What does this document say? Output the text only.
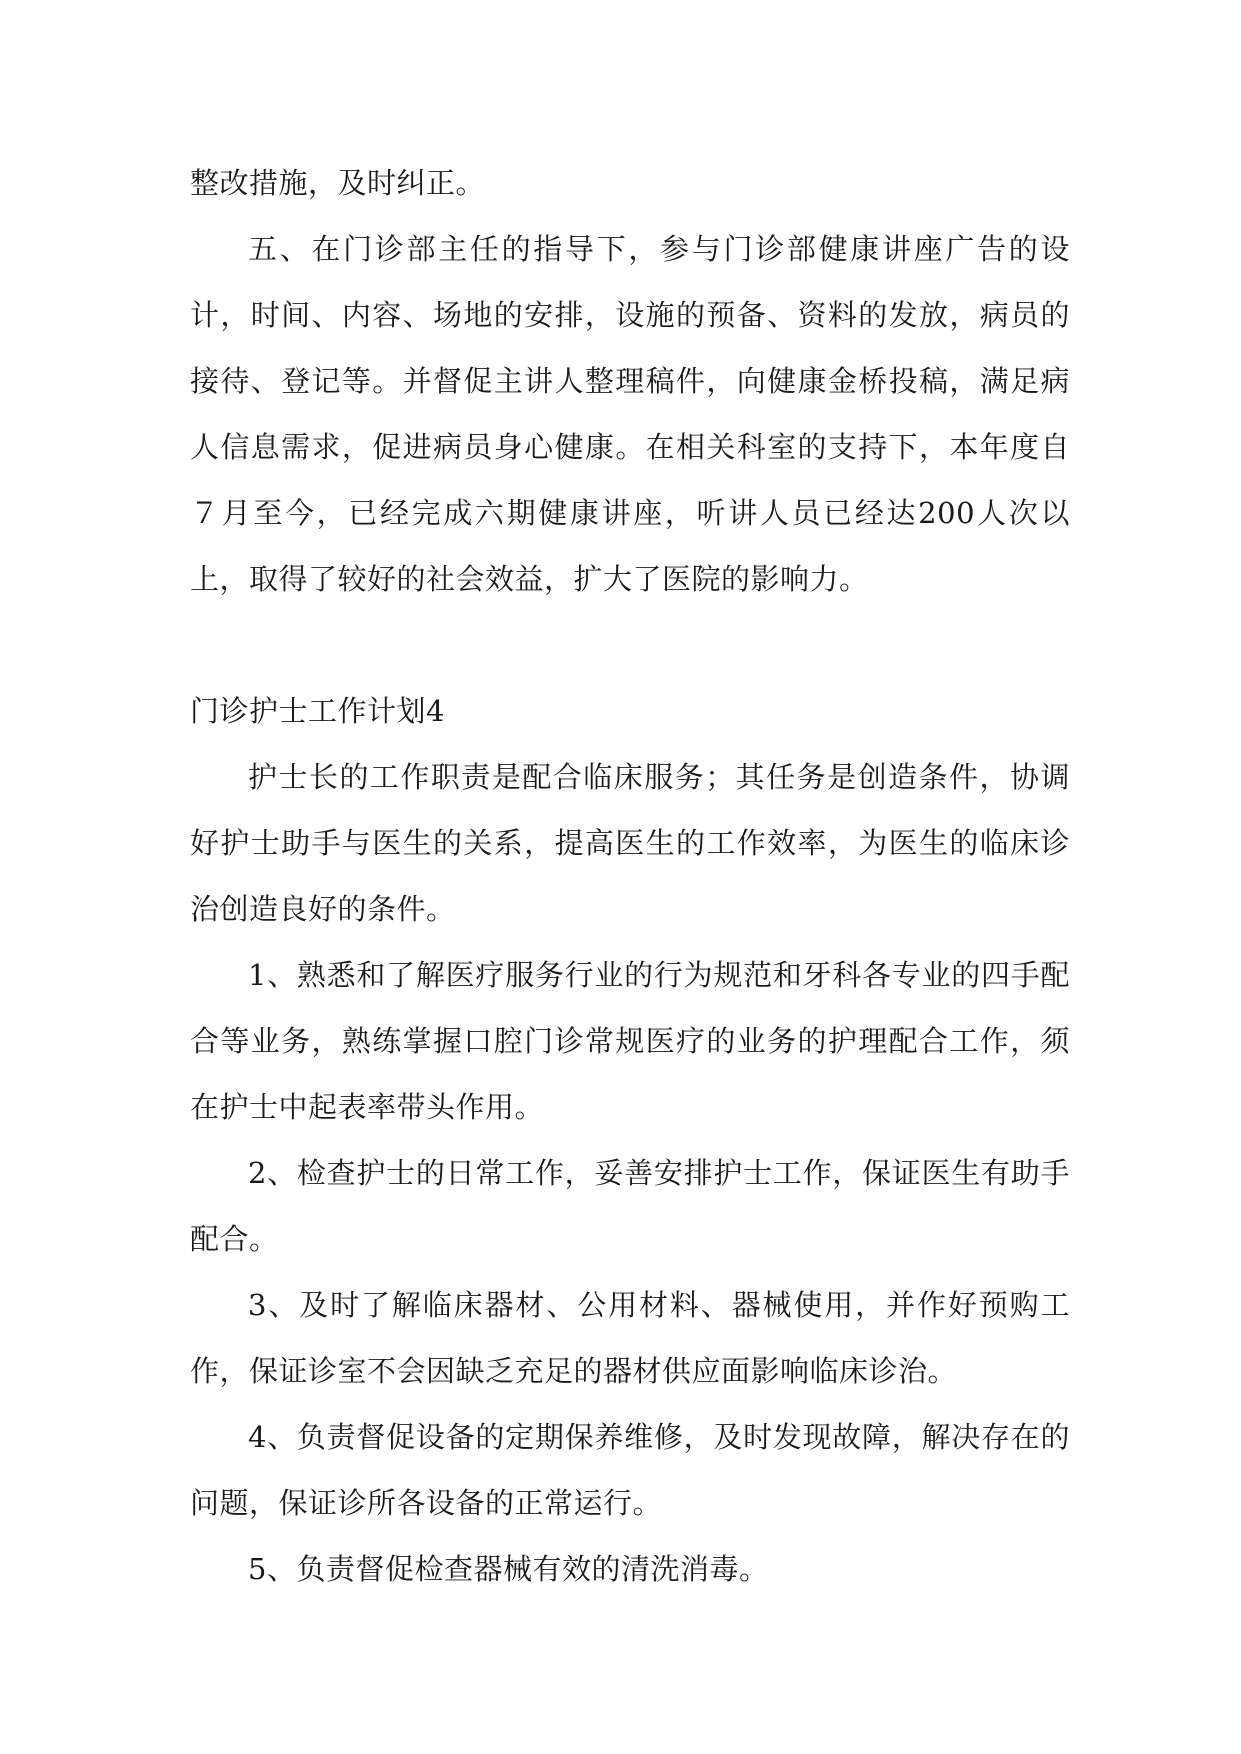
整改措施，及时纠正。

五、在门诊部主任的指导下，参与门诊部健康讲座广告的设计，时间、内容、场地的安排，设施的预备、资料的发放，病员的接待、登记等。并督促主讲人整理稿件，向健康金桥投稿，满足病人信息需求，促进病员身心健康。在相关科室的支持下，本年度自７月至今，已经完成六期健康讲座，听讲人员已经达200人次以上，取得了较好的社会效益，扩大了医院的影响力。

门诊护士工作计划4

护士长的工作职责是配合临床服务；其任务是创造条件，协调好护士助手与医生的关系，提高医生的工作效率，为医生的临床诊治创造良好的条件。

1、熟悉和了解医疗服务行业的行为规范和牙科各专业的四手配合等业务，熟练掌握口腔门诊常规医疗的业务的护理配合工作，须在护士中起表率带头作用。

2、检查护士的日常工作，妥善安排护士工作，保证医生有助手配合。

3、及时了解临床器材、公用材料、器械使用，并作好预购工作，保证诊室不会因缺乏充足的器材供应面影响临床诊治。

4、负责督促设备的定期保养维修，及时发现故障，解决存在的问题，保证诊所各设备的正常运行。

5、负责督促检查器械有效的清洗消毒。
